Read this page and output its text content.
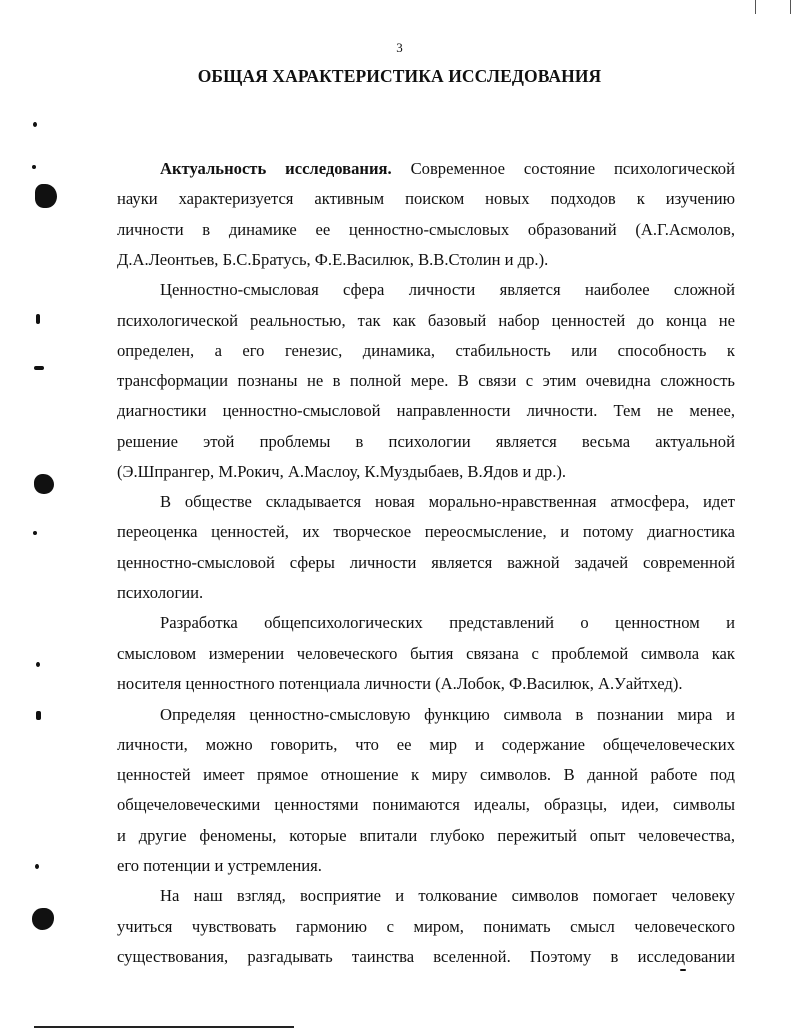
3
ОБЩАЯ ХАРАКТЕРИСТИКА ИССЛЕДОВАНИЯ
Актуальность исследования. Современное состояние психологической
науки характеризуется активным поиском новых подходов к изучению
личности в динамике ее ценностно-смысловых образований (А.Г.Асмолов,
Д.А.Леонтьев, Б.С.Братусь, Ф.Е.Василюк, В.В.Столин и др.).
Ценностно-смысловая сфера личности является наиболее сложной
психологической реальностью, так как базовый набор ценностей до конца не
определен, а его генезис, динамика, стабильность или способность к
трансформации познаны не в полной мере. В связи с этим очевидна сложность
диагностики ценностно-смысловой направленности личности. Тем не менее,
решение этой проблемы в психологии является весьма актуальной
(Э.Шпрангер, М.Рокич, А.Маслоу, К.Муздыбаев, В.Ядов и др.).
В обществе складывается новая морально-нравственная атмосфера, идет
переоценка ценностей, их творческое переосмысление, и потому диагностика
ценностно-смысловой сферы личности является важной задачей современной
психологии.
Разработка общепсихологических представлений о ценностном и
смысловом измерении человеческого бытия связана с проблемой символа как
носителя ценностного потенциала личности (А.Лобок, Ф.Василюк, А.Уайтхед).
Определяя ценностно-смысловую функцию символа в познании мира и
личности, можно говорить, что ее мир и содержание общечеловеческих
ценностей имеет прямое отношение к миру символов. В данной работе под
общечеловеческими ценностями понимаются идеалы, образцы, идеи, символы
и другие феномены, которые впитали глубоко пережитый опыт человечества,
его потенции и устремления.
На наш взгляд, восприятие и толкование символов помогает человеку
учиться чувствовать гармонию с миром, понимать смысл человеческого
существования, разгадывать таинства вселенной. Поэтому в исследовании
